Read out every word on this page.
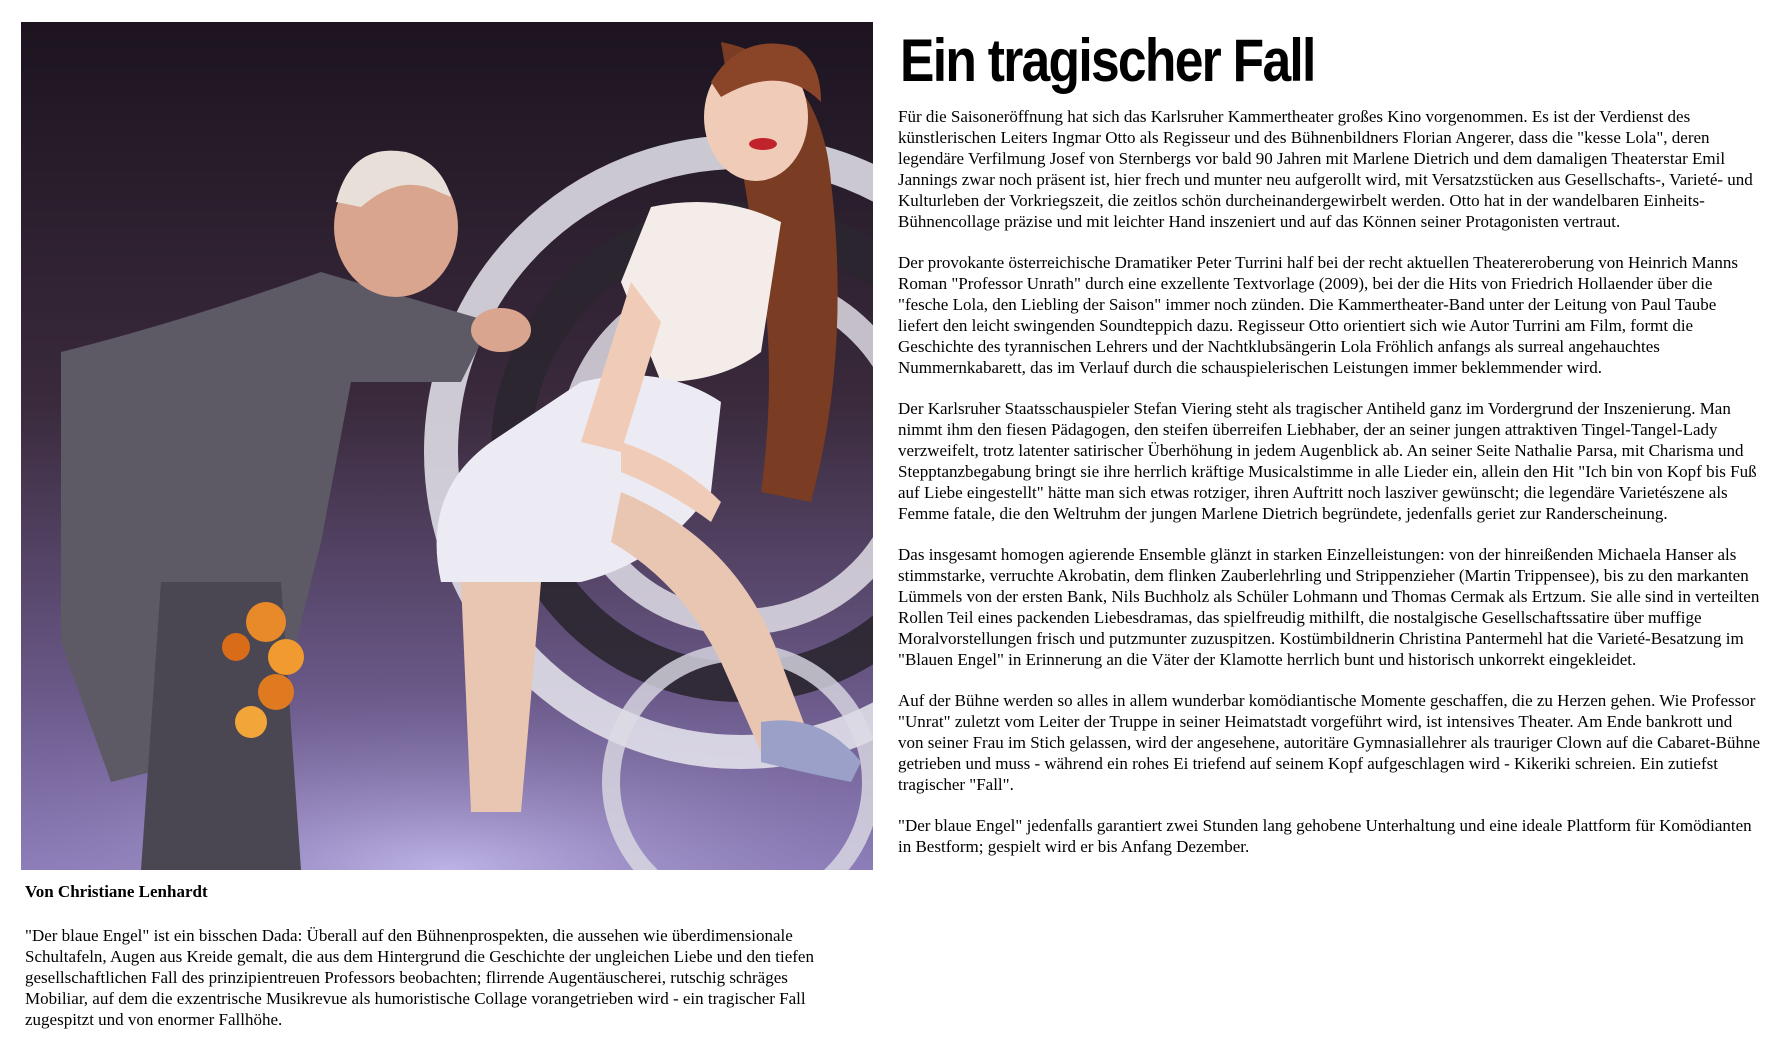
Von Christiane Lenhardt

"Der blaue Engel" ist ein bisschen Dada: Überall auf den Bühnenprospekten, die aussehen wie überdimensionale Schultafeln, Augen aus Kreide gemalt, die aus dem Hintergrund die Geschichte der ungleichen Liebe und den tiefen gesellschaftlichen Fall des prinzipientreuen Professors beobachten; flirrende Augentäuscherei, rutschig schräges Mobiliar, auf dem die exzentrische Musikrevue als humoristische Collage vorangetrieben wird - ein tragischer Fall zugespitzt und von enormer Fallhöhe.

Ein tragischer Fall

Für die Saisoneröffnung hat sich das Karlsruher Kammertheater großes Kino vorgenommen. Es ist der Verdienst des künstlerischen Leiters Ingmar Otto als Regisseur und des Bühnenbildners Florian Angerer, dass die "kesse Lola", deren legendäre Verfilmung Josef von Sternbergs vor bald 90 Jahren mit Marlene Dietrich und dem damaligen Theaterstar Emil Jannings zwar noch präsent ist, hier frech und munter neu aufgerollt wird, mit Versatzstücken aus Gesellschafts-, Varieté- und Kulturleben der Vorkriegszeit, die zeitlos schön durcheinandergewirbelt werden. Otto hat in der wandelbaren Einheits-Bühnencollage präzise und mit leichter Hand inszeniert und auf das Können seiner Protagonisten vertraut.

Der provokante österreichische Dramatiker Peter Turrini half bei der recht aktuellen Theatereroberung von Heinrich Manns Roman "Professor Unrath" durch eine exzellente Textvorlage (2009), bei der die Hits von Friedrich Hollaender über die "fesche Lola, den Liebling der Saison" immer noch zünden. Die Kammertheater-Band unter der Leitung von Paul Taube liefert den leicht swingenden Soundteppich dazu. Regisseur Otto orientiert sich wie Autor Turrini am Film, formt die Geschichte des tyrannischen Lehrers und der Nachtklubsängerin Lola Fröhlich anfangs als surreal angehauchtes Nummernkabarett, das im Verlauf durch die schauspielerischen Leistungen immer beklemmender wird.

Der Karlsruher Staatsschauspieler Stefan Viering steht als tragischer Antiheld ganz im Vordergrund der Inszenierung. Man nimmt ihm den fiesen Pädagogen, den steifen überreifen Liebhaber, der an seiner jungen attraktiven Tingel-Tangel-Lady verzweifelt, trotz latenter satirischer Überhöhung in jedem Augenblick ab. An seiner Seite Nathalie Parsa, mit Charisma und Stepptanzbegabung bringt sie ihre herrlich kräftige Musicalstimme in alle Lieder ein, allein den Hit "Ich bin von Kopf bis Fuß auf Liebe eingestellt" hätte man sich etwas rotziger, ihren Auftritt noch lasziver gewünscht; die legendäre Varietészene als Femme fatale, die den Weltruhm der jungen Marlene Dietrich begründete, jedenfalls geriet zur Randerscheinung.

Das insgesamt homogen agierende Ensemble glänzt in starken Einzelleistungen: von der hinreißenden Michaela Hanser als stimmstarke, verruchte Akrobatin, dem flinken Zauberlehrling und Strippenzieher (Martin Trippensee), bis zu den markanten Lümmels von der ersten Bank, Nils Buchholz als Schüler Lohmann und Thomas Cermak als Ertzum. Sie alle sind in verteilten Rollen Teil eines packenden Liebesdramas, das spielfreudig mithilft, die nostalgische Gesellschaftssatire über muffige Moralvorstellungen frisch und putzmunter zuzuspitzen. Kostümbildnerin Christina Pantermehl hat die Varieté-Besatzung im "Blauen Engel" in Erinnerung an die Väter der Klamotte herrlich bunt und historisch unkorrekt eingekleidet.

Auf der Bühne werden so alles in allem wunderbar komödiantische Momente geschaffen, die zu Herzen gehen. Wie Professor "Unrat" zuletzt vom Leiter der Truppe in seiner Heimatstadt vorgeführt wird, ist intensives Theater. Am Ende bankrott und von seiner Frau im Stich gelassen, wird der angesehene, autoritäre Gymnasiallehrer als trauriger Clown auf die Cabaret-Bühne getrieben und muss - während ein rohes Ei triefend auf seinem Kopf aufgeschlagen wird - Kikeriki schreien. Ein zutiefst tragischer "Fall".

"Der blaue Engel" jedenfalls garantiert zwei Stunden lang gehobene Unterhaltung und eine ideale Plattform für Komödianten in Bestform; gespielt wird er bis Anfang Dezember.
